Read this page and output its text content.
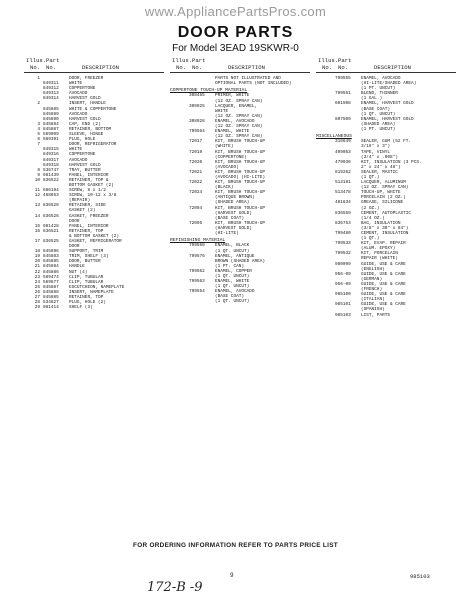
www.AppliancePartsPros.com
DOOR PARTS
For Model 3EAD 19SKWR-0
Illus. Part
No. No.	DESCRIPTION
1	DOOR, FREEZER
849311	WHITE
849312	COPPERTONE
849313	AVOCADO
849314	HARVEST GOLD
2	INSERT, HANDLE
845885	WHITE & COPPERTONE
845889	AVOCADO
845890	HARVEST GOLD
3 845884	CAP, END (2)
4 845887	RETAINER, BOTTOM
5 569909	SLEEVE, HINGE
6 569391	PLUG, HOLE
7	DOOR, REFRIGERATOR
849315	WHITE
849316	COPPERTONE
849317	AVOCADO
849318	HARVEST GOLD
8 536747	TRAY, BUTTER
9 981439	PANEL, INTERIOR
10 836522	RETAINER, TOP &
BOTTOM GASKET (2)
11 686194	SCREW, 8 x 1/2
12 468653	SCREW, 10-12 x 3/8
(REPAIR)
13 836520	RETAINER, SIDE
GASKET (2)
14 836526	GASKET, FREEZER
DOOR
15 981428	PANEL, INTERIOR
16 836521	RETAINER, TOP
& BOTTOM GASKET (2)
17 836525	GASKET, REFRIGERATOR
DOOR
18 845896	SUPPORT, TRIM
19 845883	TRIM, SHELF (3)
20 845885	DOOR, BUTTER
21 845884	HANDLE
22 845886	NUT (4)
23 569474	CLIP, TUBULAR
24 569677	CLIP, TUBULAR
25 845887	ESCUTCHEON, NAMEPLATE
26 845888	INSERT, NAMEPLATE
27 845885	RETAINER, TOP
28 534827	PLUG, HOLE (2)
29 981414	SHELF (3)
Illus. Part
No. No.	DESCRIPTION
PARTS NOT ILLUSTRATED AND
OPTIONAL PARTS (NOT INCLUDED)
COPPERTONE TOUCH-UP MATERIAL
308465	PRIMER, WHITE
(12 OZ. SPRAY CAN)
309925	LACQUER, ENAMEL,
WHITE
(12 OZ. SPRAY CAN)
308928	ENAMEL, AVOCADO
(12 OZ. SPRAY CAN)
799564	ENAMEL, WHITE
(12 OZ. SPRAY CAN)
72017	KIT, BRUSH TOUCH-UP
(WHITE)
72019	KIT, BRUSH TOUCH-UP
(COPPERTONE)
72020	KIT, BRUSH TOUCH-UP
(AVOCADO)
72021	KIT, BRUSH TOUCH-UP
(AVOCADO) (HI-LITE)
72022	KIT, BRUSH TOUCH-UP
(BLACK)
72024	KIT, BRUSH TOUCH-UP
(ANTIQUE BROWN)
(SHADED AREA)
72094	KIT, BRUSH TOUCH-UP
(HARVEST GOLD)
(BASE COAT)
72095	KIT, BRUSH TOUCH-UP
(HARVEST GOLD)
(HI-LITE)
REFINISHING MATERIAL
799560	ENAMEL, BLACK
(1 QT. UNCUT)
799576	ENAMEL, ANTIQUE
BROWN (SHADED AREA)
(1 PT. CAN)
799562	ENAMEL, COPPER
(1 QT. UNCUT)
799563	ENAMEL, WHITE
(1 QT. UNCUT)
799554	ENAMEL, AVOCADO
(BASE COAT)
(1 QT. UNCUT)
Illus. Part
No. No.	DESCRIPTION
799555	ENAMEL, AVOCADO
(HI-LITE/SHADED AREA)
(1 PT. UNCUT)
799551	BLEND, THINNER
(1 GAL.)
601508	ENAMEL, HARVEST GOLD
(BASE COAT)
(1 QT. UNCUT)
807509	ENAMEL, HARVEST GOLD
(SHADED AREA)
(1 PT. UNCUT)
MISCELLANEOUS
316649	SEALER, GUM (52 FT.
3/16" x 3")
409053	TAPE, VINYL
(3/4" x .008")
479936	KIT, INSULATION (3 PCS.
2" x 24" x 48")
819262	SEALER, MASTIC
(1 QT.)
513181	LACQUER, ALUMINUM
(12 OZ. SPRAY CAN)
513478	TOUCH-UP, WHITE
PORCELAIN (2 OZ.)
481634	GREASE, SILICONE
(2 OZ.)
836559	CEMENT, AUTOPLASTIC
(1/4 OZ.)
836753	BAG, INSULATION
(3/8" x 30" x 84")
799480	CEMENT, INSULATION
(1 QT.)
799533	KIT, EVAP. REPAIR
(ALUM. EPOXY)
799532	KIT, PORCELAIN
REPAIR (WHITE)
980099	GUIDE, USE & CARE
(ENGLISH)
956-09	GUIDE, USE & CARE
(GERMAN)
956-09	GUIDE, USE & CARE
(FRENCH)
985100	GUIDE, USE & CARE
(ITALIAN)
985101	GUIDE, USE & CARE
(SPANISH)
985103	LIST, PARTS
FOR ORDERING INFORMATION REFER TO PARTS PRICE LIST
9	985103
172-B -9
